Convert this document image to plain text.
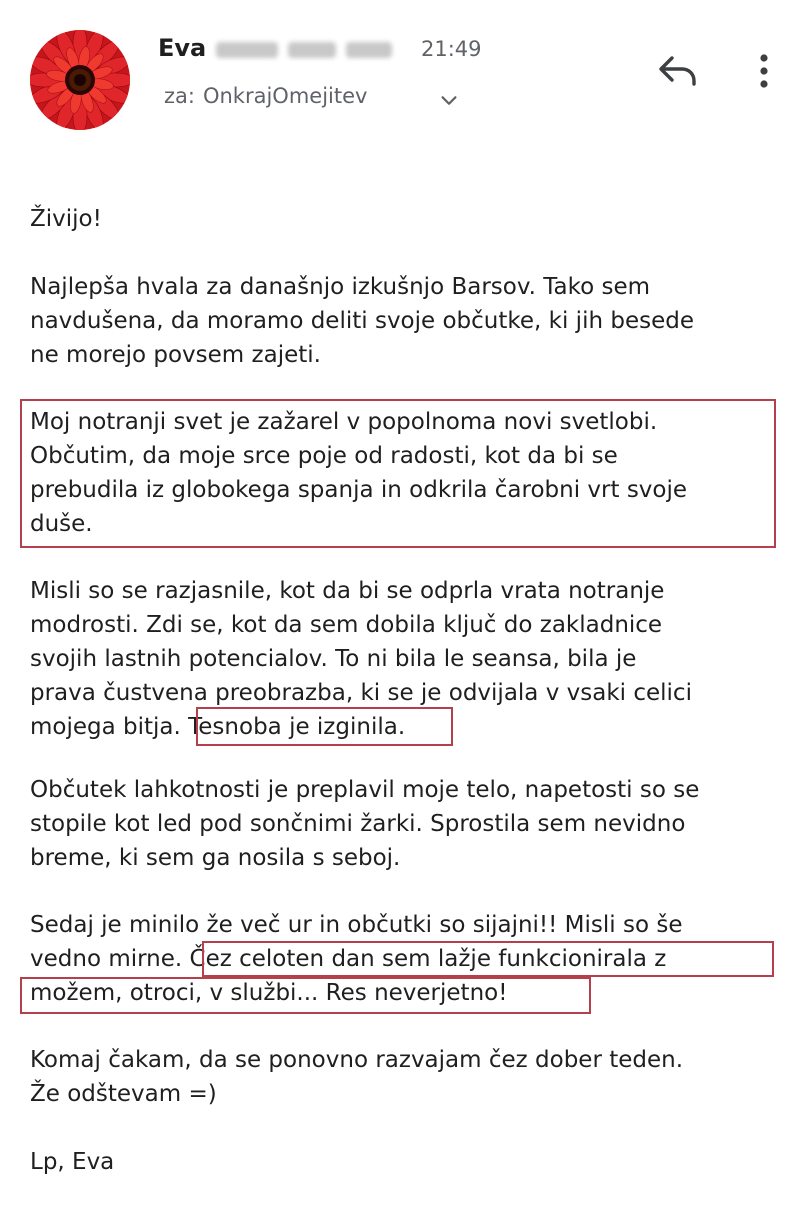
Eva	21:49
za: OnkrajOmejitev
Živijo!
Najlepša hvala za današnjo izkušnjo Barsov. Tako sem
navdušena, da moramo deliti svoje občutke, ki jih besede
ne morejo povsem zajeti.
Moj notranji svet je zažarel v popolnoma novi svetlobi.
Občutim, da moje srce poje od radosti, kot da bi se
prebudila iz globokega spanja in odkrila čarobni vrt svoje
duše.
Misli so se razjasnile, kot da bi se odprla vrata notranje
modrosti. Zdi se, kot da sem dobila ključ do zakladnice
svojih lastnih potencialov. To ni bila le seansa, bila je
prava čustvena preobrazba, ki se je odvijala v vsaki celici
mojega bitja. Tesnoba je izginila.
Občutek lahkotnosti je preplavil moje telo, napetosti so se
stopile kot led pod sončnimi žarki. Sprostila sem nevidno
breme, ki sem ga nosila s seboj.
Sedaj je minilo že več ur in občutki so sijajni!! Misli so še
vedno mirne. Čez celoten dan sem lažje funkcionirala z
možem, otroci, v službi... Res neverjetno!
Komaj čakam, da se ponovno razvajam čez dober teden.
Že odštevam =)
Lp, Eva
